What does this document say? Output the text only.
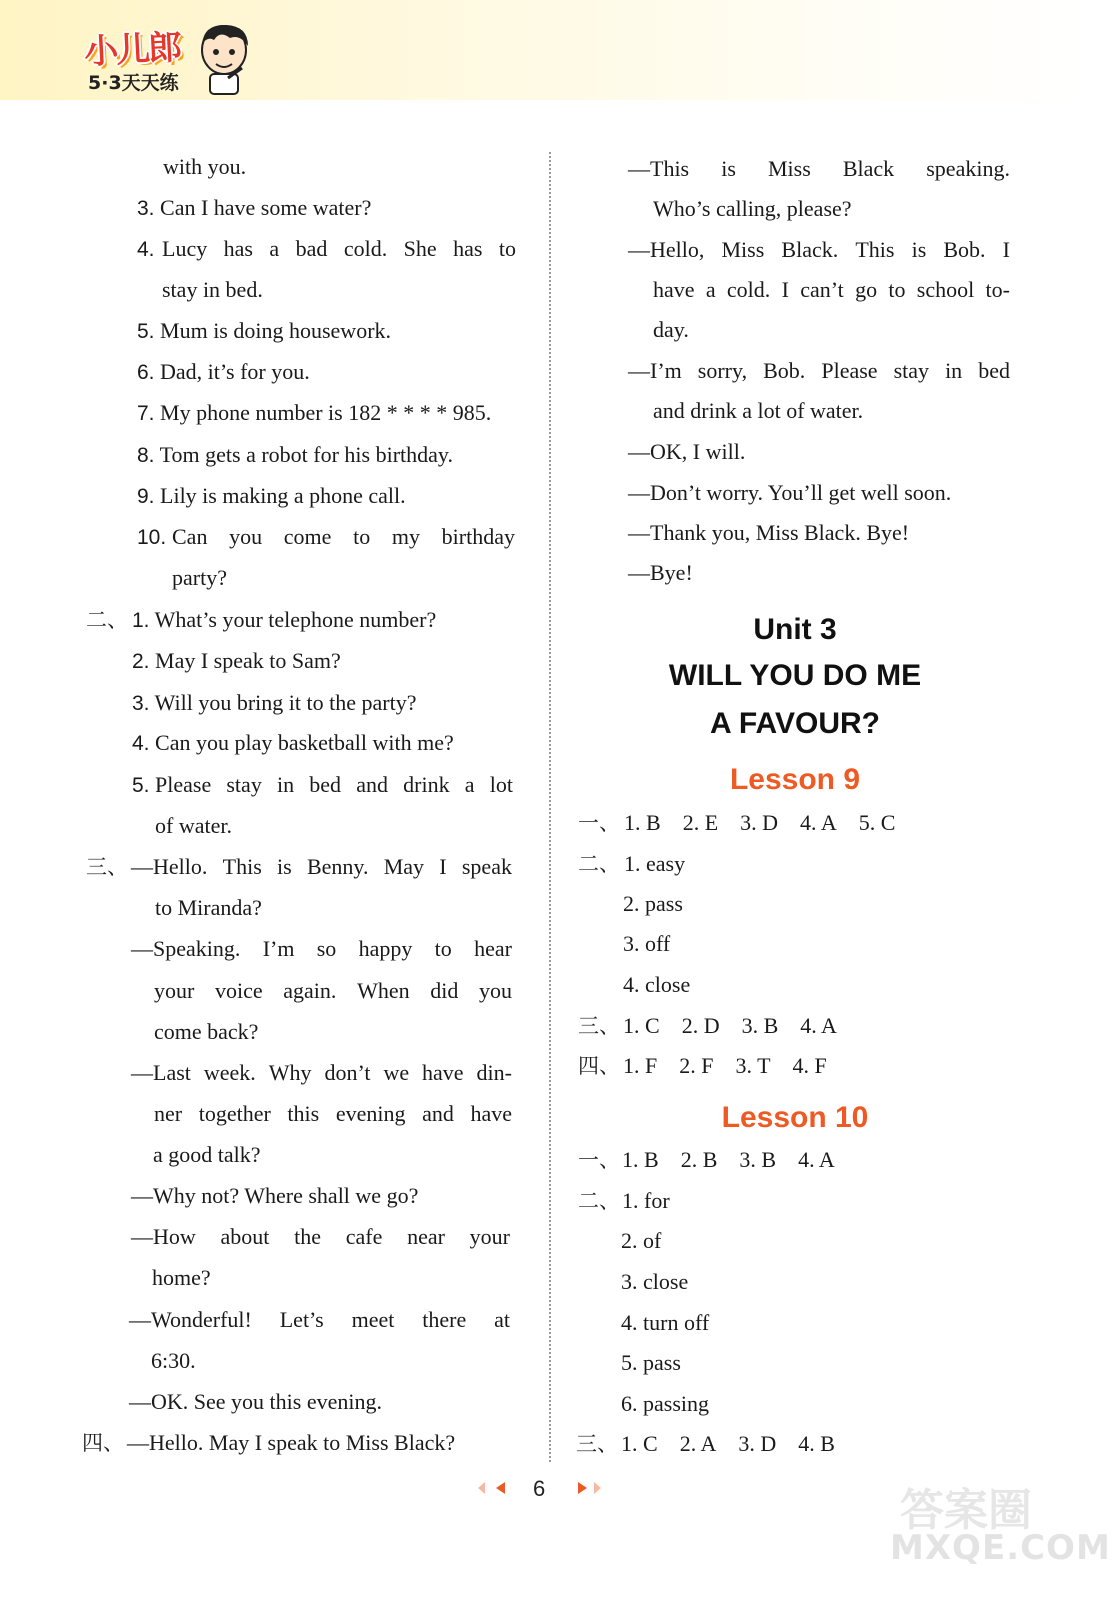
小儿郎
5·3天天练
with you.
3. Can I have some water?
4. Lucy has a bad cold. She has to
stay in bed.
5. Mum is doing housework.
6. Dad, it’s for you.
7. My phone number is 182 * * * * 985.
8. Tom gets a robot for his birthday.
9. Lily is making a phone call.
10. Can you come to my birthday
party?
二、 1. What’s your telephone number?
2. May I speak to Sam?
3. Will you bring it to the party?
4. Can you play basketball with me?
5. Please stay in bed and drink a lot
of water.
三、 —Hello. This is Benny. May I speak
to Miranda?
—Speaking. I’m so happy to hear
your voice again. When did you
come back?
—Last week. Why don’t we have din-
ner together this evening and have
a good talk?
—Why not? Where shall we go?
—How about the cafe near your
home?
—Wonderful! Let’s meet there at
6:30.
—OK. See you this evening.
四、 —Hello. May I speak to Miss Black?
—This is Miss Black speaking.
Who’s calling, please?
—Hello, Miss Black. This is Bob. I
have a cold. I can’t go to school to-
day.
—I’m sorry, Bob. Please stay in bed
and drink a lot of water.
—OK, I will.
—Don’t worry. You’ll get well soon.
—Thank you, Miss Black. Bye!
—Bye!
Unit 3
WILL YOU DO ME
A FAVOUR?
Lesson 9
一、 1. B 2. E 3. D 4. A 5. C
二、 1. easy
2. pass
3. off
4. close
三、 1. C 2. D 3. B 4. A
四、 1. F 2. F 3. T 4. F
Lesson 10
一、 1. B 2. B 3. B 4. A
二、 1. for
2. of
3. close
4. turn off
5. pass
6. passing
三、 1. C 2. A 3. D 4. B
6	答案圈
MXQE.COM
